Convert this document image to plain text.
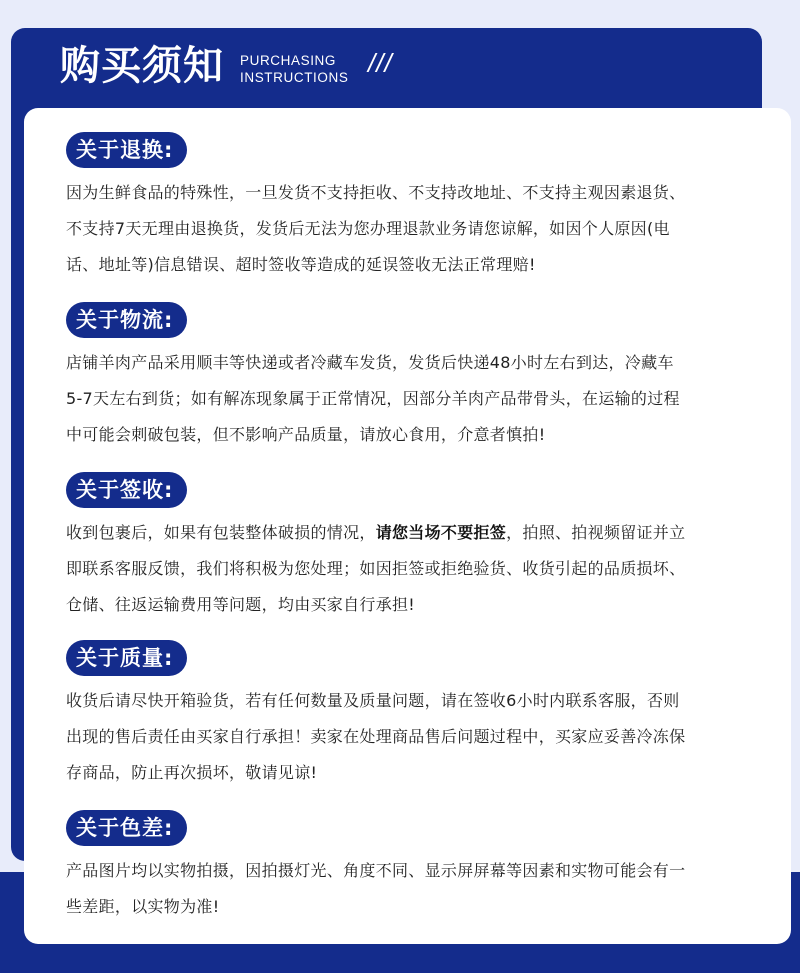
购买须知 PURCHASING
INSTRUCTIONS ///
关于退换:
因为生鲜食品的特殊性，一旦发货不支持拒收、不支持改地址、不支持主观因素退货、
不支持7天无理由退换货，发货后无法为您办理退款业务请您谅解，如因个人原因(电
话、地址等)信息错误、超时签收等造成的延误签收无法正常理赔!
关于物流:
店铺羊肉产品采用顺丰等快递或者冷藏车发货，发货后快递48小时左右到达，冷藏车
5-7天左右到货；如有解冻现象属于正常情况，因部分羊肉产品带骨头，在运输的过程
中可能会刺破包装，但不影响产品质量，请放心食用，介意者慎拍!
关于签收:
收到包裹后，如果有包装整体破损的情况，请您当场不要拒签，拍照、拍视频留证并立
即联系客服反馈，我们将积极为您处理；如因拒签或拒绝验货、收货引起的品质损坏、
仓储、往返运输费用等问题，均由买家自行承担!
关于质量:
收货后请尽快开箱验货，若有任何数量及质量问题，请在签收6小时内联系客服，否则
出现的售后责任由买家自行承担！卖家在处理商品售后问题过程中，买家应妥善冷冻保
存商品，防止再次损坏，敬请见谅!
关于色差:
产品图片均以实物拍摄，因拍摄灯光、角度不同、显示屏屏幕等因素和实物可能会有一
些差距，以实物为准!
